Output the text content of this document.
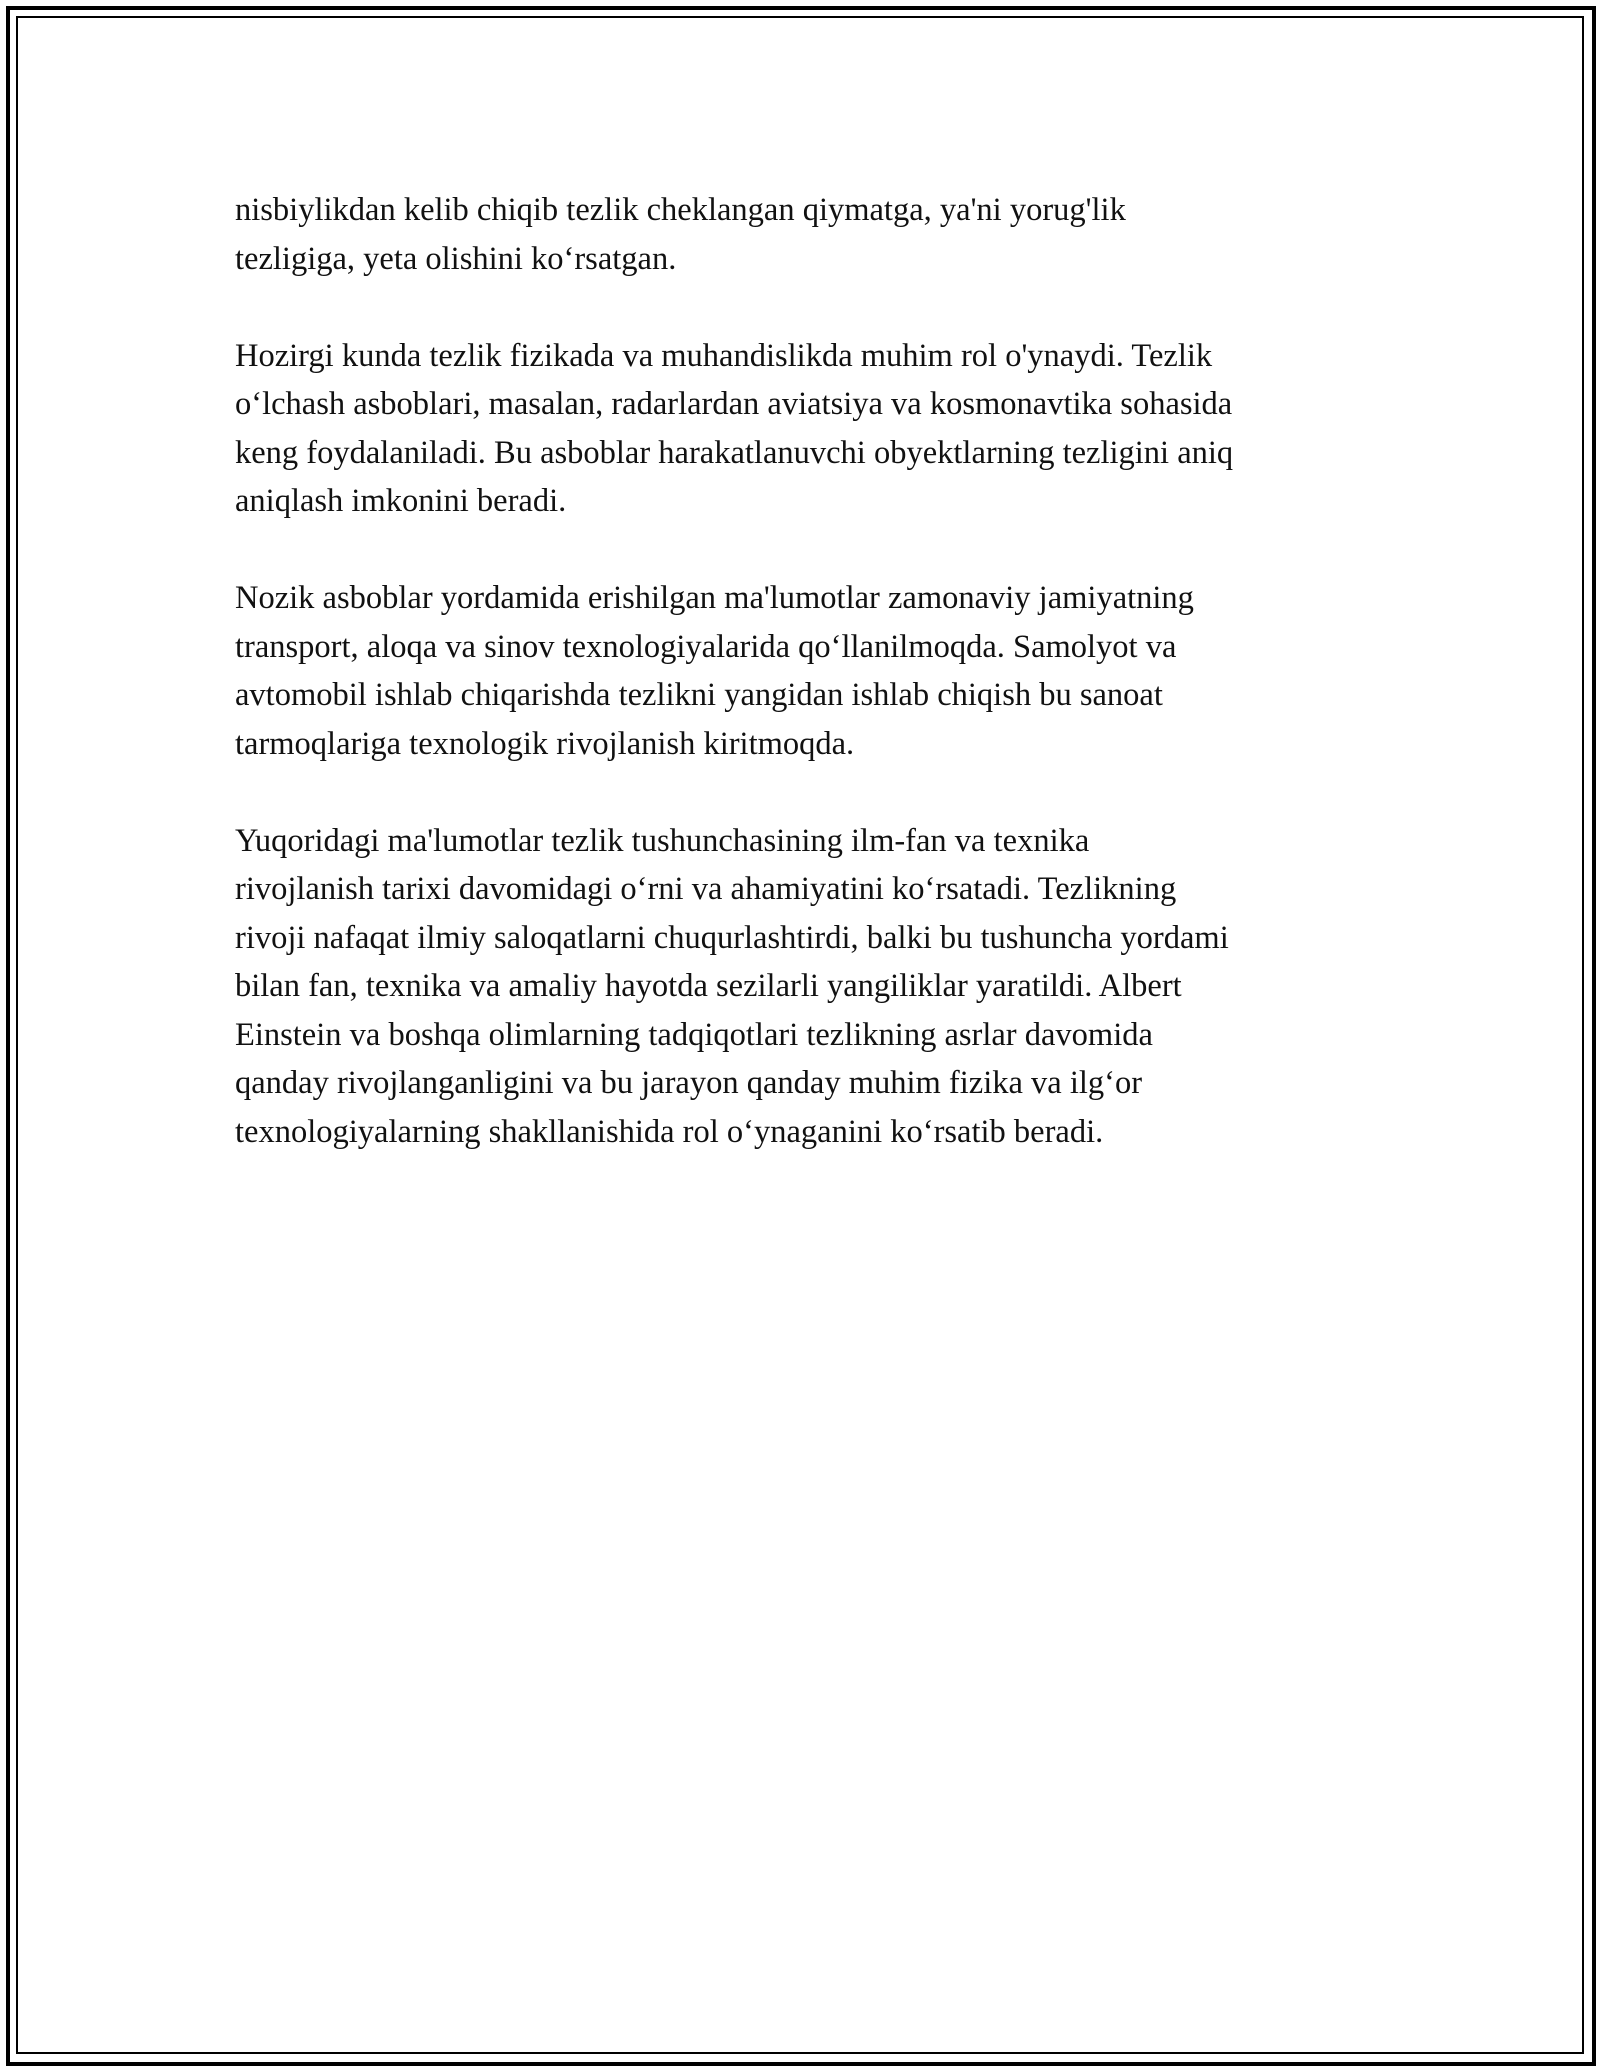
nisbiylikdan kelib chiqib tezlik cheklangan qiymatga, ya'ni yorug'lik
tezligiga, yeta olishini ko‘rsatgan.

Hozirgi kunda tezlik fizikada va muhandislikda muhim rol o'ynaydi. Tezlik
o‘lchash asboblari, masalan, radarlardan aviatsiya va kosmonavtika sohasida
keng foydalaniladi. Bu asboblar harakatlanuvchi obyektlarning tezligini aniq
aniqlash imkonini beradi.

Nozik asboblar yordamida erishilgan ma'lumotlar zamonaviy jamiyatning
transport, aloqa va sinov texnologiyalarida qo‘llanilmoqda. Samolyot va
avtomobil ishlab chiqarishda tezlikni yangidan ishlab chiqish bu sanoat
tarmoqlariga texnologik rivojlanish kiritmoqda.

Yuqoridagi ma'lumotlar tezlik tushunchasining ilm-fan va texnika
rivojlanish tarixi davomidagi o‘rni va ahamiyatini ko‘rsatadi. Tezlikning
rivoji nafaqat ilmiy saloqatlarni chuqurlashtirdi, balki bu tushuncha yordami
bilan fan, texnika va amaliy hayotda sezilarli yangiliklar yaratildi. Albert
Einstein va boshqa olimlarning tadqiqotlari tezlikning asrlar davomida
qanday rivojlanganligini va bu jarayon qanday muhim fizika va ilg‘or
texnologiyalarning shakllanishida rol o‘ynaganini ko‘rsatib beradi.
